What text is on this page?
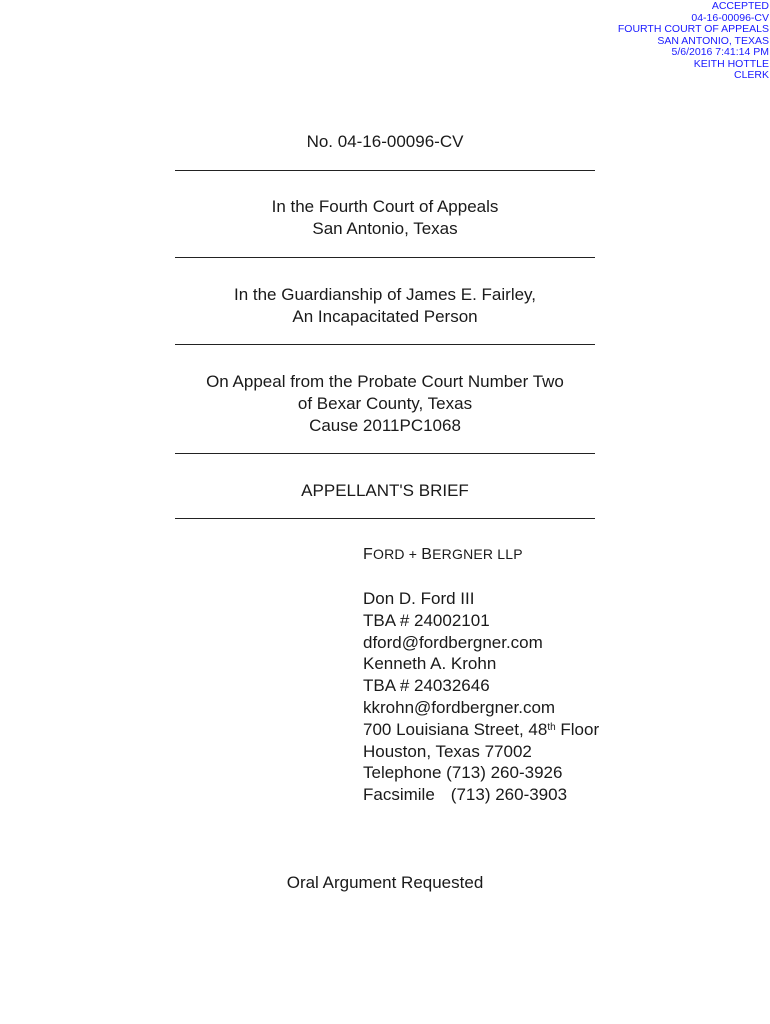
ACCEPTED
04-16-00096-CV
FOURTH COURT OF APPEALS
SAN ANTONIO, TEXAS
5/6/2016 7:41:14 PM
KEITH HOTTLE
CLERK
No. 04-16-00096-CV
In the Fourth Court of Appeals
San Antonio, Texas
In the Guardianship of James E. Fairley,
An Incapacitated Person
On Appeal from the Probate Court Number Two
of Bexar County, Texas
Cause 2011PC1068
APPELLANT'S BRIEF
FORD + BERGNER LLP
Don D. Ford III
TBA # 24002101
dford@fordbergner.com
Kenneth A. Krohn
TBA # 24032646
kkrohn@fordbergner.com
700 Louisiana Street, 48th Floor
Houston, Texas 77002
Telephone (713) 260-3926
Facsimile (713) 260-3903
Oral Argument Requested
